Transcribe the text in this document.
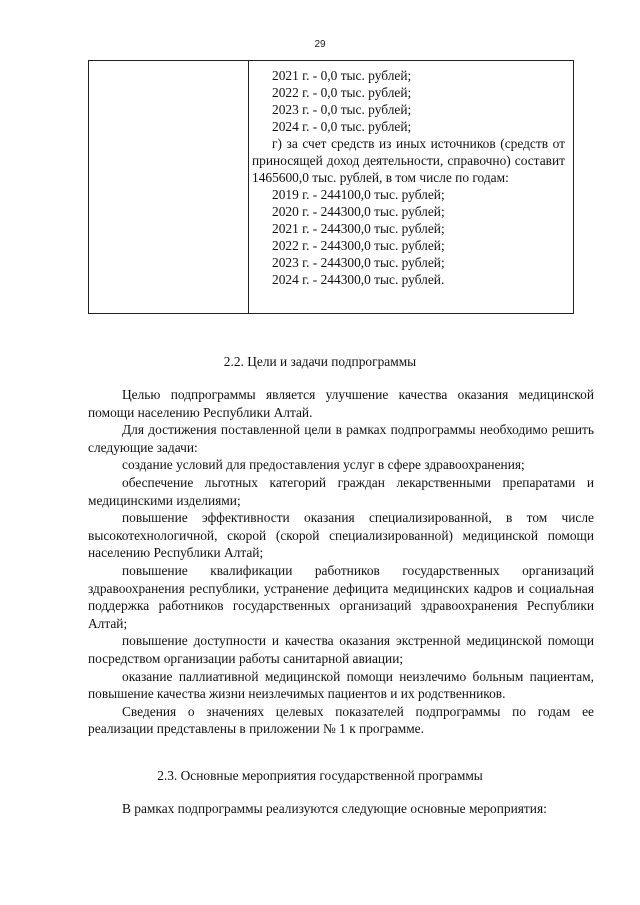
29
2021 г. - 0,0 тыс. рублей;
2022 г. - 0,0 тыс. рублей;
2023 г. - 0,0 тыс. рублей;
2024 г. - 0,0 тыс. рублей;
г) за счет средств из иных источников (средств от приносящей доход деятельности, справочно) составит 1465600,0 тыс. рублей, в том числе по годам:
2019 г. - 244100,0 тыс. рублей;
2020 г. - 244300,0 тыс. рублей;
2021 г. - 244300,0 тыс. рублей;
2022 г. - 244300,0 тыс. рублей;
2023 г. - 244300,0 тыс. рублей;
2024 г. - 244300,0 тыс. рублей.
2.2. Цели и задачи подпрограммы

Целью подпрограммы является улучшение качества оказания медицинской помощи населению Республики Алтай.

Для достижения поставленной цели в рамках подпрограммы необходимо решить следующие задачи:

создание условий для предоставления услуг в сфере здравоохранения;

обеспечение льготных категорий граждан лекарственными препаратами и медицинскими изделиями;

повышение эффективности оказания специализированной, в том числе высокотехнологичной, скорой (скорой специализированной) медицинской помощи населению Республики Алтай;

повышение квалификации работников государственных организаций здравоохранения республики, устранение дефицита медицинских кадров и социальная поддержка работников государственных организаций здравоохранения Республики Алтай;

повышение доступности и качества оказания экстренной медицинской помощи посредством организации работы санитарной авиации;

оказание паллиативной медицинской помощи неизлечимо больным пациентам, повышение качества жизни неизлечимых пациентов и их родственников.

Сведения о значениях целевых показателей подпрограммы по годам ее реализации представлены в приложении № 1 к программе.

2.3. Основные мероприятия государственной программы

В рамках подпрограммы реализуются следующие основные мероприятия:
